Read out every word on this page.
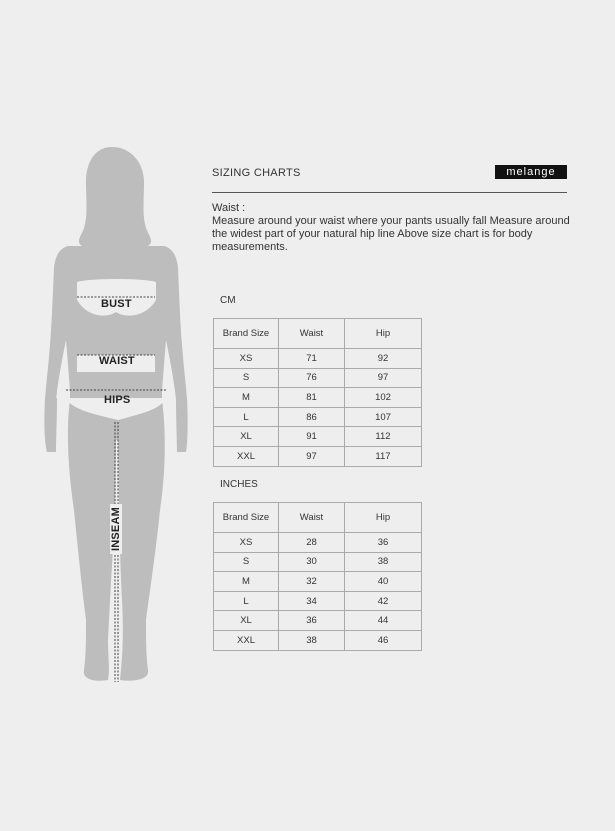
BUST
WAIST
HIPS
INSEAM
SIZING CHARTS	melange

Waist :

Measure around your waist where your pants usually fall Measure around the widest part of your natural hip line Above size chart is for body measurements.

CM
Brand Size	Waist	Hip
XS	71	92
S	76	97
M	81	102
L	86	107
XL	91	112
XXL	97	117
INCHES
Brand Size	Waist	Hip
XS	28	36
S	30	38
M	32	40
L	34	42
XL	36	44
XXL	38	46
